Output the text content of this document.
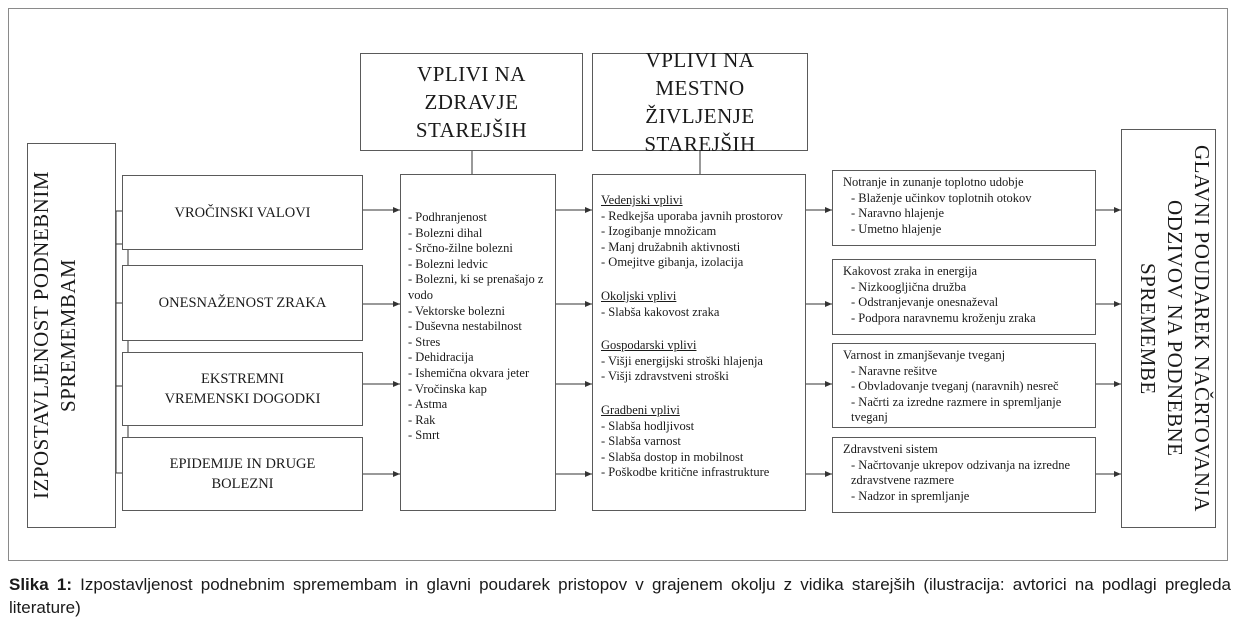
IZPOSTAVLJENOST PODNEBNIM
SPREMEMBAM
VROČINSKI VALOVI
ONESNAŽENOST ZRAKA
EKSTREMNI VREMENSKI DOGODKI
EPIDEMIJE IN DRUGE BOLEZNI
VPLIVI NA ZDRAVJE STAREJŠIH

- Podhranjenost

- Bolezni dihal

- Srčno-žilne bolezni

- Bolezni ledvic

- Bolezni, ki se prenašajo z vodo

- Vektorske bolezni

- Duševna nestabilnost

- Stres

- Dehidracija

- Ishemična okvara jeter

- Vročinska kap

- Astma

- Rak

- Smrt

VPLIVI NA MESTNO ŽIVLJENJE STAREJŠIH

Vedenjski vplivi

- Redkejša uporaba javnih prostorov

- Izogibanje množicam

- Manj družabnih aktivnosti

- Omejitve gibanja, izolacija

Okoljski vplivi

- Slabša kakovost zraka

Gospodarski vplivi

- Višji energijski stroški hlajenja

- Višji zdravstveni stroški

Gradbeni vplivi

- Slabša hodljivost

- Slabša varnost

- Slabša dostop in mobilnost

- Poškodbe kritične infrastrukture

Notranje in zunanje toplotno udobje

- Blaženje učinkov toplotnih otokov

- Naravno hlajenje

- Umetno hlajenje

Kakovost zraka in energija

- Nizkoogljična družba

- Odstranjevanje onesnaževal

- Podpora naravnemu kroženju zraka

Varnost in zmanjševanje tveganj

- Naravne rešitve

- Obvladovanje tveganj (naravnih) nesreč

- Načrti za izredne razmere in spremljanje tveganj

Zdravstveni sistem

- Načrtovanje ukrepov odzivanja na izredne zdravstvene razmere

- Nadzor in spremljanje

GLAVNI POUDAREK NAČRTOVANJA
ODZIVOV NA PODNEBNE
SPREMEMBE
Slika 1: Izpostavljenost podnebnim spremembam in glavni poudarek pristopov v grajenem okolju z vidika starejših (ilustracija: avtorici na podlagi pregleda literature)
